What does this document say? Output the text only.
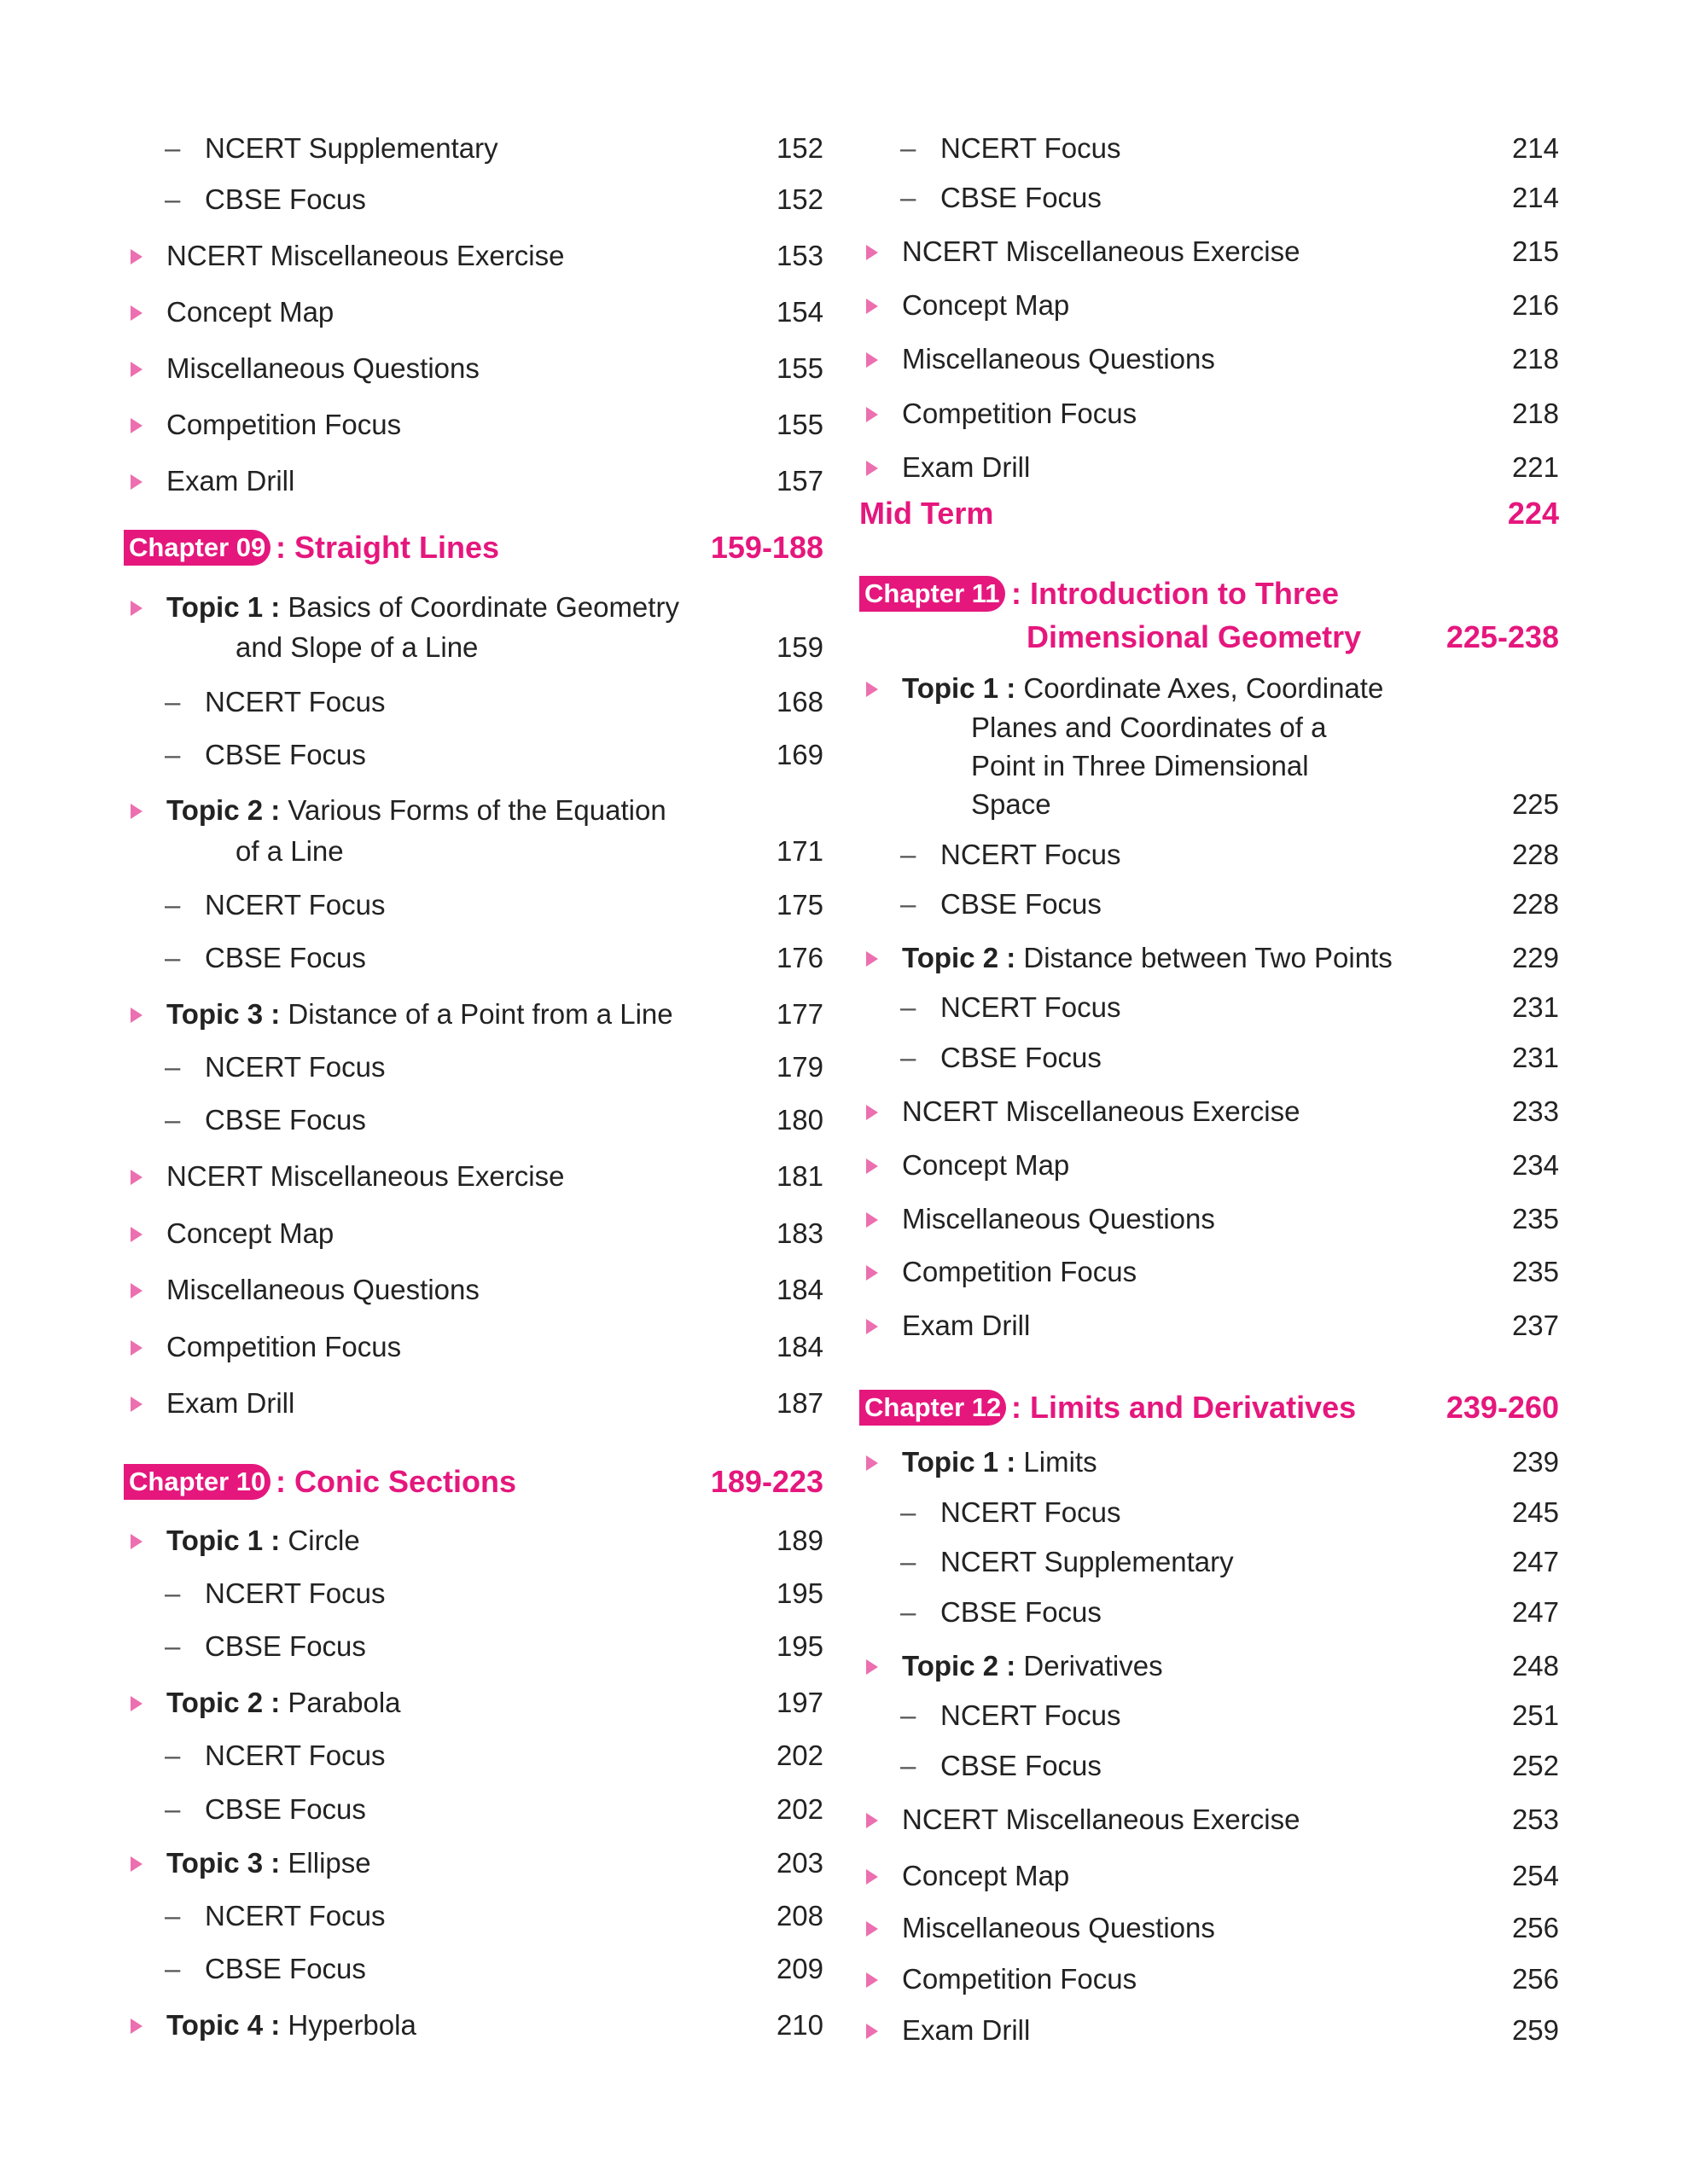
– NCERT Supplementary	152
– CBSE Focus	152
NCERT Miscellaneous Exercise	153
Concept Map	154
Miscellaneous Questions	155
Competition Focus	155
Exam Drill	157
Chapter 09 : Straight Lines	159-188
Topic 1 : Basics of Coordinate Geometry
and Slope of a Line	159
– NCERT Focus	168
– CBSE Focus	169
Topic 2 : Various Forms of the Equation
of a Line	171
– NCERT Focus	175
– CBSE Focus	176
Topic 3 : Distance of a Point from a Line	177
– NCERT Focus	179
– CBSE Focus	180
NCERT Miscellaneous Exercise	181
Concept Map	183
Miscellaneous Questions	184
Competition Focus	184
Exam Drill	187
Chapter 10 : Conic Sections	189-223
Topic 1 : Circle	189
– NCERT Focus	195
– CBSE Focus	195
Topic 2 : Parabola	197
– NCERT Focus	202
– CBSE Focus	202
Topic 3 : Ellipse	203
– NCERT Focus	208
– CBSE Focus	209
Topic 4 : Hyperbola	210
– NCERT Focus	214
– CBSE Focus	214
NCERT Miscellaneous Exercise	215
Concept Map	216
Miscellaneous Questions	218
Competition Focus	218
Exam Drill	221
Mid Term	224
Chapter 11 : Introduction to Three
Dimensional Geometry	225-238
Topic 1 : Coordinate Axes, Coordinate
Planes and Coordinates of a
Point in Three Dimensional
Space	225
– NCERT Focus	228
– CBSE Focus	228
Topic 2 : Distance between Two Points	229
– NCERT Focus	231
– CBSE Focus	231
NCERT Miscellaneous Exercise	233
Concept Map	234
Miscellaneous Questions	235
Competition Focus	235
Exam Drill	237
Chapter 12 : Limits and Derivatives	239-260
Topic 1 : Limits	239
– NCERT Focus	245
– NCERT Supplementary	247
– CBSE Focus	247
Topic 2 : Derivatives	248
– NCERT Focus	251
– CBSE Focus	252
NCERT Miscellaneous Exercise	253
Concept Map	254
Miscellaneous Questions	256
Competition Focus	256
Exam Drill	259
